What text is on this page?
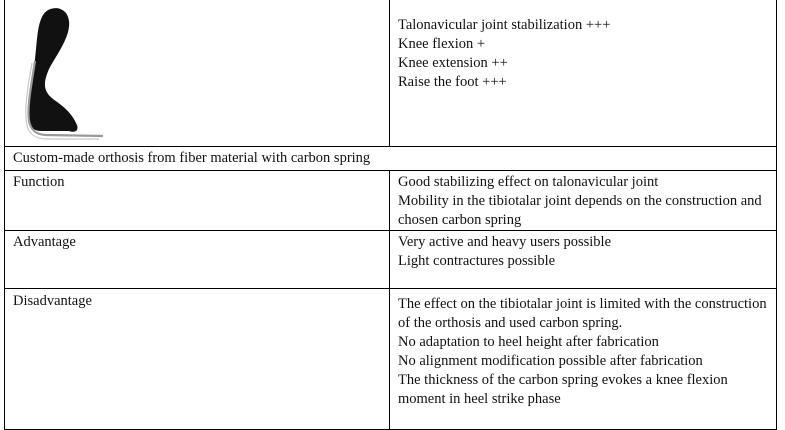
Talonavicular joint stabilization +++
Knee flexion +
Knee extension ++
Raise the foot +++
Custom-made orthosis from fiber material with carbon spring
Function	Good stabilizing effect on talonavicular joint
Mobility in the tibiotalar joint depends on the construction and chosen carbon spring
Advantage	Very active and heavy users possible
Light contractures possible
Disadvantage	The effect on the tibiotalar joint is limited with the construction of the orthosis and used carbon spring.
No adaptation to heel height after fabrication
No alignment modification possible after fabrication
The thickness of the carbon spring evokes a knee flexion moment in heel strike phase
